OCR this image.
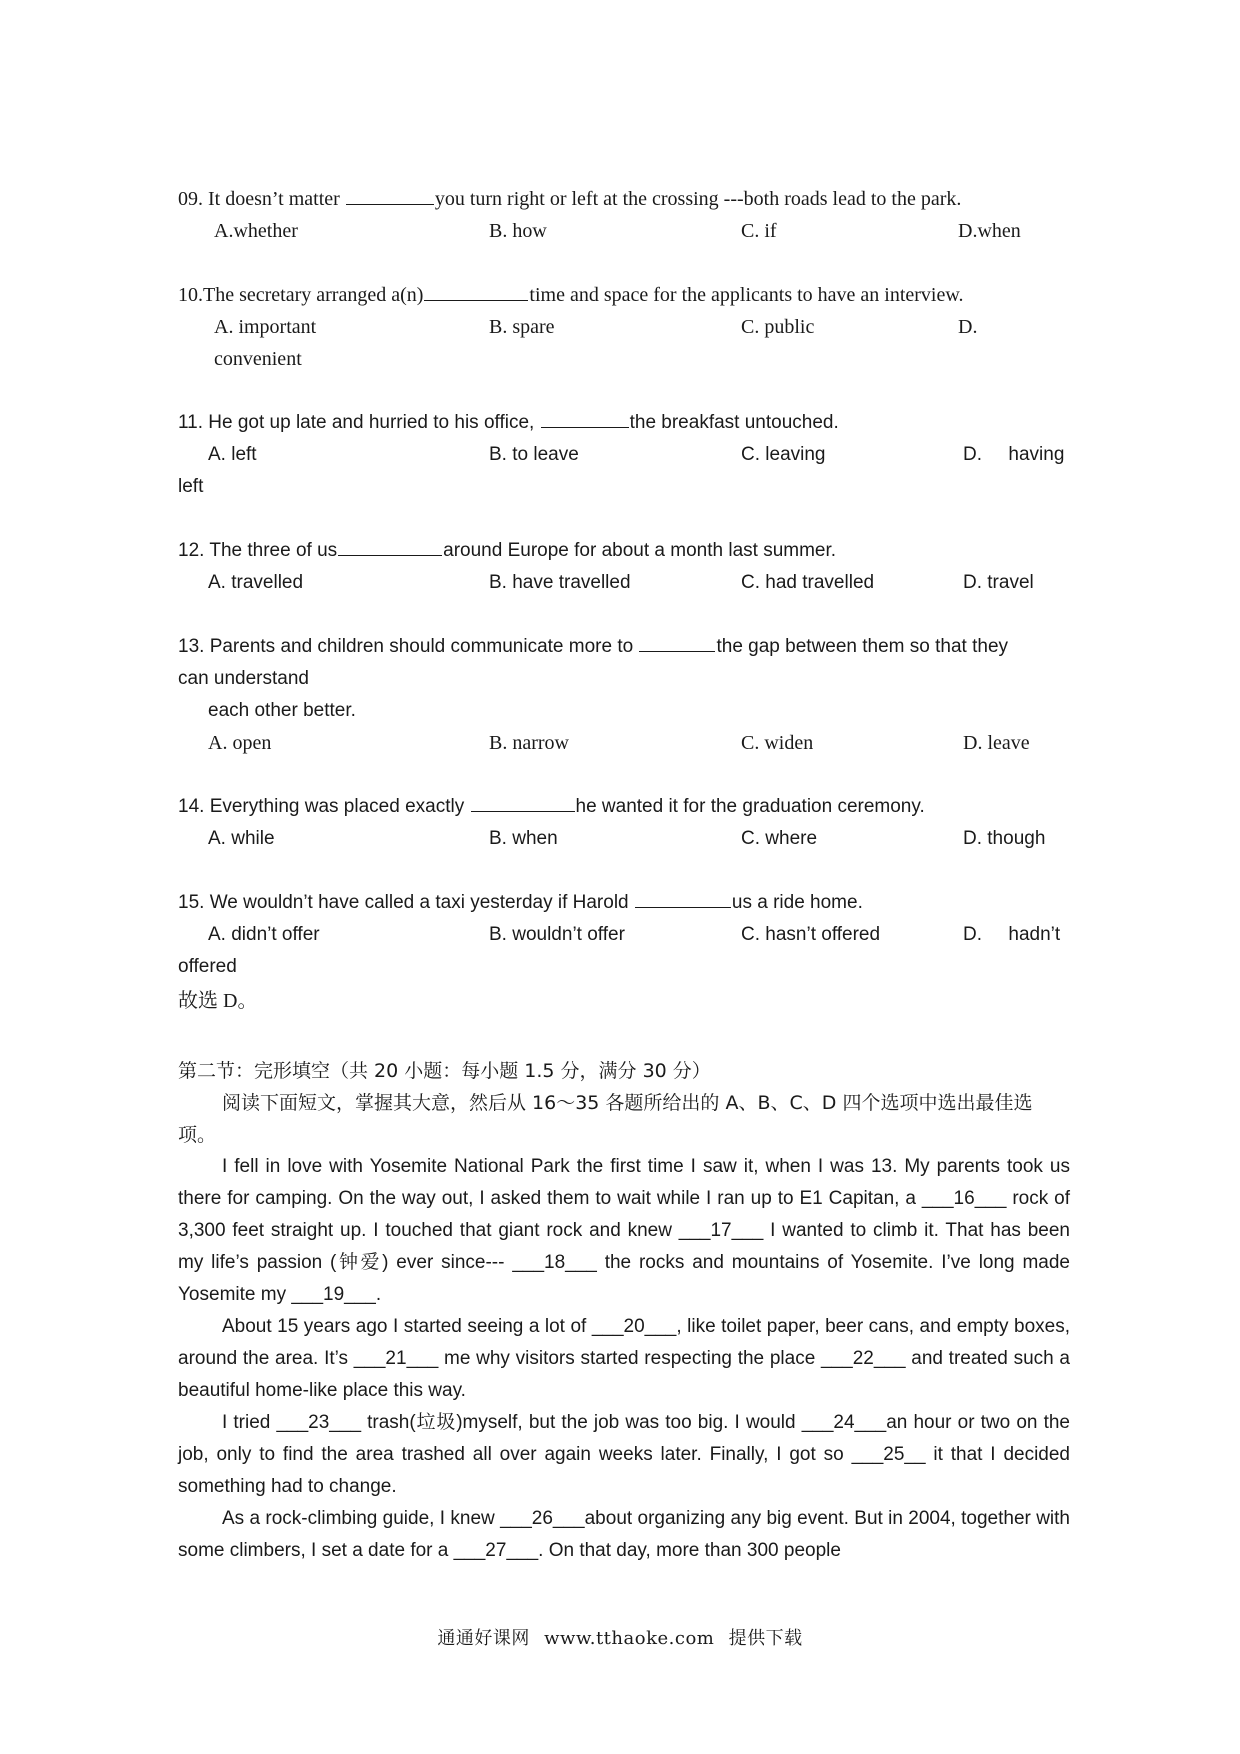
09. It doesn’t matter	you turn right or left at the crossing ---both roads lead to the park.
A.whether	B. how	C. if	D.when
10.The secretary arranged a(n)	time and space for the applicants to have an interview.
A. important	B. spare	C. public	D.
convenient
11. He got up late and hurried to his office,	the breakfast untouched.
A. left	B. to leave	C. leaving	D.     having
left
12. The three of us	around Europe for about a month last summer.
A. travelled	B. have travelled	C. had travelled	D. travel
13. Parents and children should communicate more to	the gap between them so that they
can understand
each other better.
A. open	B. narrow	C. widen	D. leave
14. Everything was placed exactly	he wanted it for the graduation ceremony.
A. while	B. when	C. where	D. though
15. We wouldn’t have called a taxi yesterday if Harold	us a ride home.
A. didn’t offer	B. wouldn’t offer	C. hasn’t offered	D.     hadn’t
offered
故选 D。
第二节：完形填空（共 20 小题：每小题 1.5 分，满分 30 分）
阅读下面短文，掌握其大意，然后从 16～35 各题所给出的 A、B、C、D 四个选项中选出最佳选项。
I fell in love with Yosemite National Park the first time I saw it, when I was 13. My parents took us there for camping. On the way out, I asked them to wait while I ran up to E1 Capitan, a ___16___ rock of 3,300 feet straight up. I touched that giant rock and knew ___17___ I wanted to climb it. That has been my life’s passion (钟爱) ever since--- ___18___ the rocks and mountains of Yosemite. I’ve long made Yosemite my ___19___.
About 15 years ago I started seeing a lot of ___20___, like toilet paper, beer cans, and empty boxes, around the area. It’s ___21___ me why visitors started respecting the place ___22___ and treated such a beautiful home-like place this way.
I tried ___23___ trash(垃圾)myself, but the job was too big. I would ___24___an hour or two on the job, only to find the area trashed all over again weeks later. Finally, I got so ___25__ it that I decided something had to change.
As a rock-climbing guide, I knew ___26___about organizing any big event. But in 2004, together with some climbers, I set a date for a ___27___. On that day, more than 300 people
通通好课网 www.tthaoke.com 提供下载
